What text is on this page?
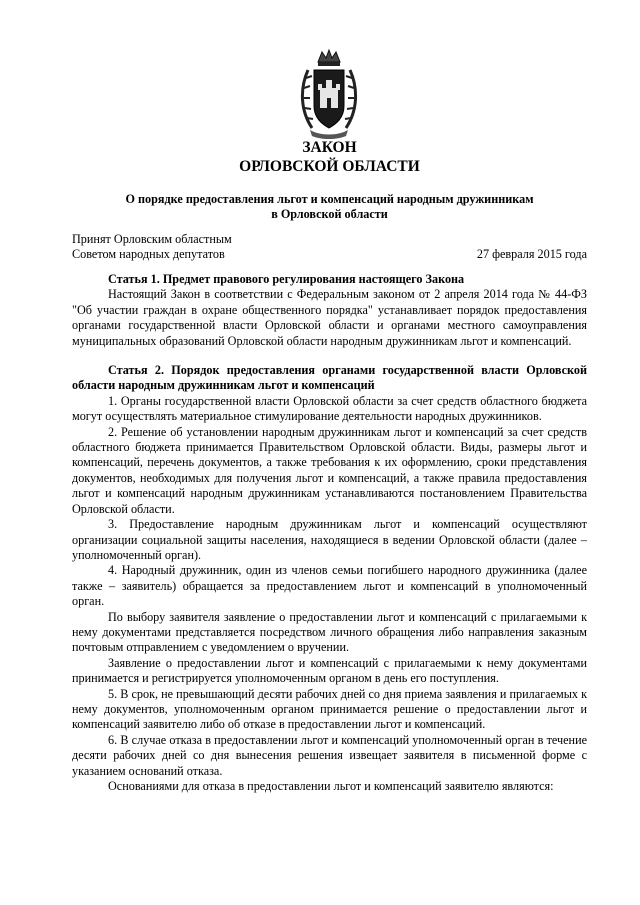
ЗАКОН
ОРЛОВСКОЙ ОБЛАСТИ
О порядке предоставления льгот и компенсаций народным дружинникам
в Орловской области
Принят Орловским областным
Советом народных депутатов	27 февраля 2015 года

Статья 1. Предмет правового регулирования настоящего Закона

Настоящий Закон в соответствии с Федеральным законом от 2 апреля 2014 года № 44-ФЗ "Об участии граждан в охране общественного порядка" устанавливает порядок предоставления органами государственной власти Орловской области и органами местного самоуправления муниципальных образований Орловской области народным дружинникам льгот и компенсаций.

Статья 2. Порядок предоставления органами государственной власти Орловской области народным дружинникам льгот и компенсаций

1. Органы государственной власти Орловской области за счет средств областного бюджета могут осуществлять материальное стимулирование деятельности народных дружинников.

2. Решение об установлении народным дружинникам льгот и компенсаций за счет средств областного бюджета принимается Правительством Орловской области. Виды, размеры льгот и компенсаций, перечень документов, а также требования к их оформлению, сроки представления документов, необходимых для получения льгот и компенсаций, а также правила предоставления льгот и компенсаций народным дружинникам устанавливаются постановлением Правительства Орловской области.

3. Предоставление народным дружинникам льгот и компенсаций осуществляют организации социальной защиты населения, находящиеся в ведении Орловской области (далее – уполномоченный орган).

4. Народный дружинник, один из членов семьи погибшего народного дружинника (далее также – заявитель) обращается за предоставлением льгот и компенсаций в уполномоченный орган.

По выбору заявителя заявление о предоставлении льгот и компенсаций с прилагаемыми к нему документами представляется посредством личного обращения либо направления заказным почтовым отправлением с уведомлением о вручении.

Заявление о предоставлении льгот и компенсаций с прилагаемыми к нему документами принимается и регистрируется уполномоченным органом в день его поступления.

5. В срок, не превышающий десяти рабочих дней со дня приема заявления и прилагаемых к нему документов, уполномоченным органом принимается решение о предоставлении льгот и компенсаций заявителю либо об отказе в предоставлении льгот и компенсаций.

6. В случае отказа в предоставлении льгот и компенсаций уполномоченный орган в течение десяти рабочих дней со дня вынесения решения извещает заявителя в письменной форме с указанием оснований отказа.

Основаниями для отказа в предоставлении льгот и компенсаций заявителю являются:
